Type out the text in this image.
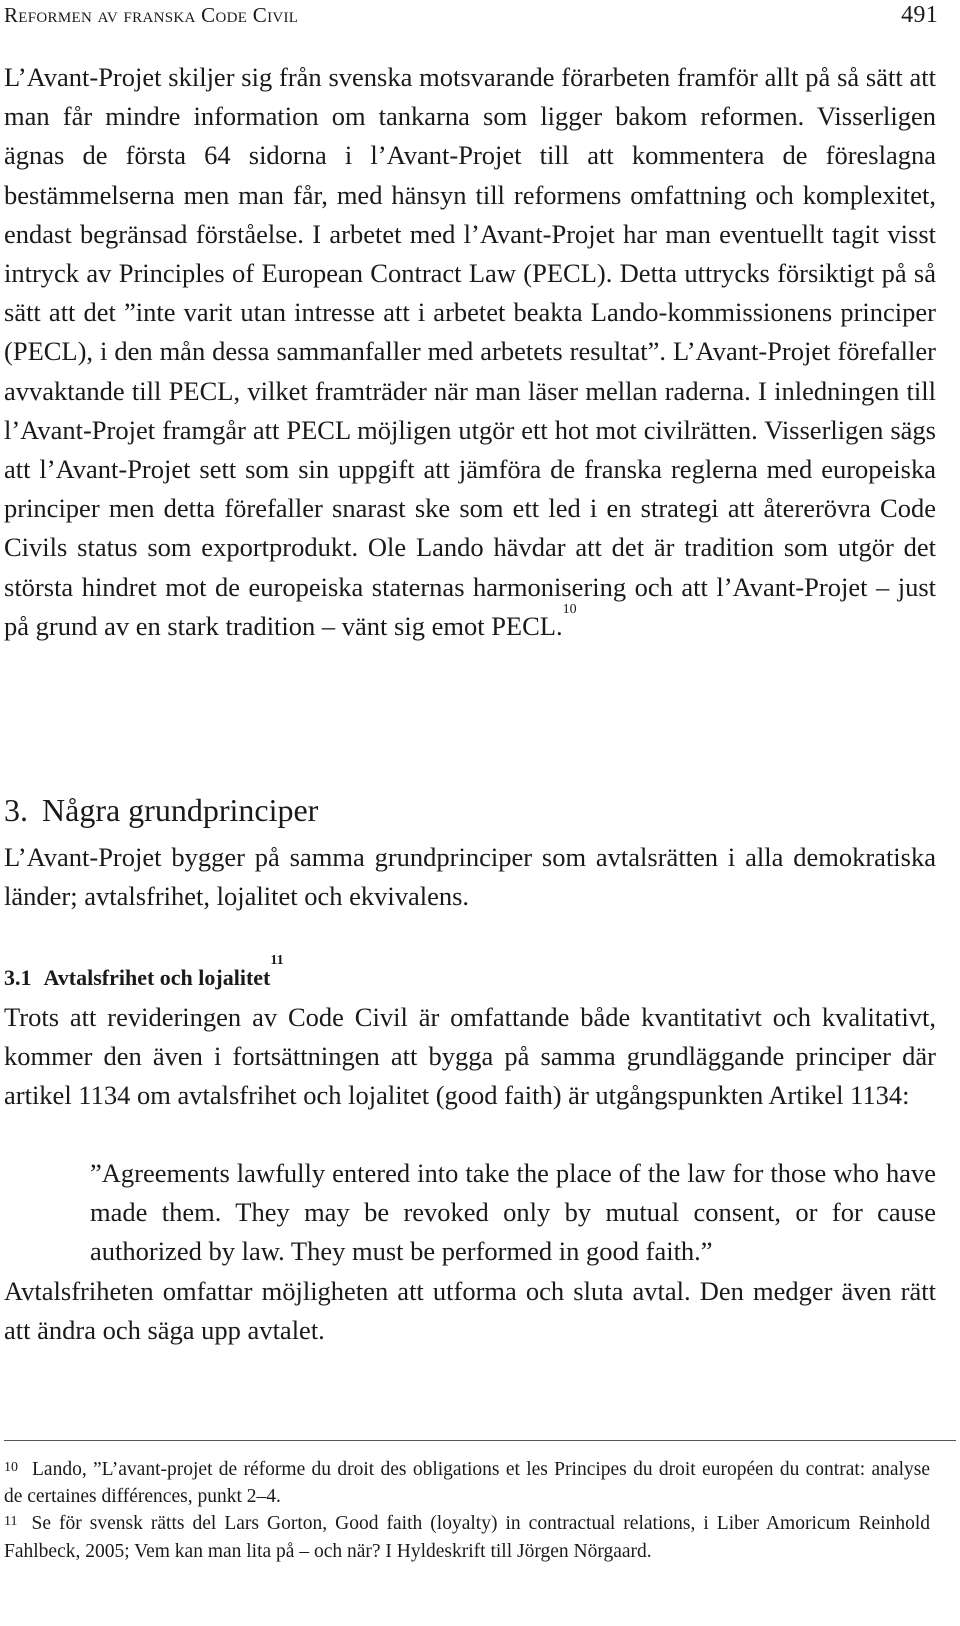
Reformen av franska Code Civil	491

L’Avant-Projet skiljer sig från svenska motsvarande förarbeten framför allt på så sätt att man får mindre information om tankarna som ligger bakom reformen. Visserligen ägnas de första 64 sidorna i l’Avant-Projet till att kommentera de föreslagna bestämmelserna men man får, med hänsyn till reformens omfattning och komplexitet, endast begränsad förståelse. I arbetet med l’Avant-Projet har man eventuellt tagit visst intryck av Principles of European Contract Law (PECL). Detta uttrycks försiktigt på så sätt att det ”inte varit utan intresse att i arbetet beakta Lando-kommissionens principer (PECL), i den mån dessa sammanfaller med arbetets resultat”. L’Avant-Projet förefaller avvaktande till PECL, vilket framträder när man läser mellan raderna. I inledningen till l’Avant-Projet framgår att PECL möjligen utgör ett hot mot civilrätten. Visserligen sägs att l’Avant-Projet sett som sin uppgift att jämföra de franska reglerna med europeiska principer men detta förefaller snarast ske som ett led i en strategi att återerövra Code Civils status som exportprodukt. Ole Lando hävdar att det är tradition som utgör det största hindret mot de europeiska staternas harmonisering och att l’Avant-Projet – just på grund av en stark tradition – vänt sig emot PECL.$^{10}$

3. Några grundprinciper

L’Avant-Projet bygger på samma grundprinciper som avtalsrätten i alla demokratiska länder; avtalsfrihet, lojalitet och ekvivalens.

3.1 Avtalsfrihet och lojalitet$^{11}$

Trots att revideringen av Code Civil är omfattande både kvantitativt och kvalitativt, kommer den även i fortsättningen att bygga på samma grundläggande principer där artikel 1134 om avtalsfrihet och lojalitet (good faith) är utgångspunkten Artikel 1134:

”Agreements lawfully entered into take the place of the law for those who have made them. They may be revoked only by mutual consent, or for cause authorized by law. They must be performed in good faith.”

Avtalsfriheten omfattar möjligheten att utforma och sluta avtal. Den medger även rätt att ändra och säga upp avtalet.

$^{10}$ Lando, ”L’avant-projet de réforme du droit des obligations et les Principes du droit européen du contrat: analyse de certaines différences, punkt 2–4.

$^{11}$ Se för svensk rätts del Lars Gorton, Good faith (loyalty) in contractual relations, i Liber Amoricum Reinhold Fahlbeck, 2005; Vem kan man lita på – och när? I Hyldeskrift till Jörgen Nörgaard.
